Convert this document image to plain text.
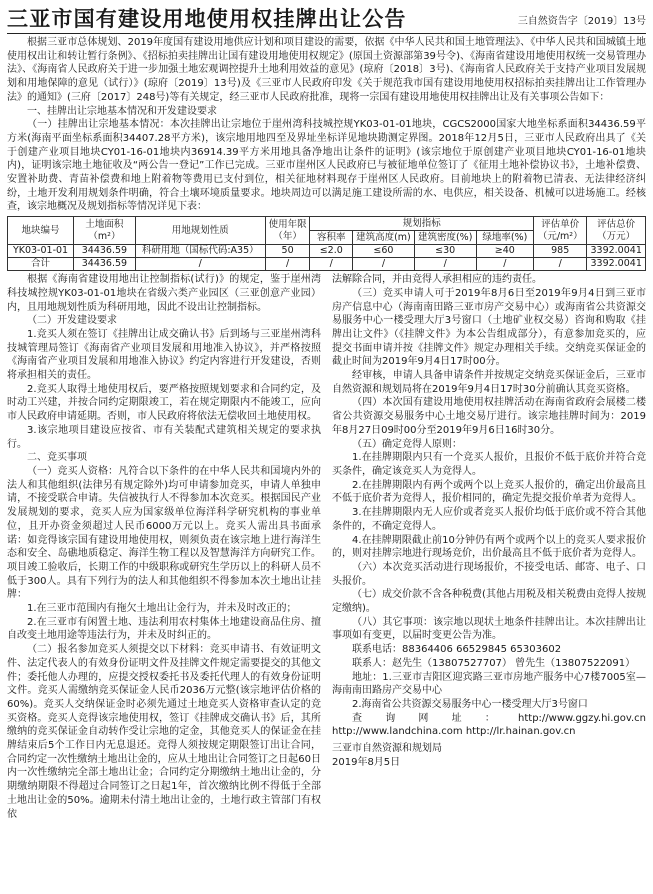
三亚市国有建设用地使用权挂牌出让公告	三自然资告字〔2019〕13号

根据三亚市总体规划、2019年度国有建设用地供应计划和项目建设的需要，依据《中华人民共和国土地管理法》、《中华人民共和国城镇土地使用权出让和转让暂行条例》、《招标拍卖挂牌出让国有建设用地使用权规定》(原国土资源部第39号令)、《海南省建设用地使用权统一交易管理办法》、《海南省人民政府关于进一步加强土地宏观调控提升土地利用效益的意见》(琼府〔2018〕3号)、《海南省人民政府关于支持产业项目发展规划和用地保障的意见（试行）》(琼府〔2019〕13号)及《三亚市人民政府印发《关于规范我市国有建设用地使用权招标拍卖挂牌出让工作管理办法》的通知》(三府〔2017〕248号)等有关规定，经三亚市人民政府批准，现将一宗国有建设用地使用权挂牌出让及有关事项公告如下：

一、挂牌出让宗地基本情况和开发建设要求

（一）挂牌出让宗地基本情况：本次挂牌出让宗地位于崖州湾科技城控规YK03-01-01地块，CGCS2000国家大地坐标系面积34436.59平方米(海南平面坐标系面积34407.28平方米)，该宗地用地四至及界址坐标详见地块勘测定界图。2018年12月5日，三亚市人民政府出具了《关于创建产业项目地块CY01-16-01地块内36914.39平方米用地具备净地出让条件的证明》(该宗地位于原创建产业项目地块CY01-16-01地块内)，证明该宗地土地征收及“两公告一登记”工作已完成。三亚市崖州区人民政府已与被征地单位签订了《征用土地补偿协议书》，土地补偿费、安置补助费、青苗补偿费和地上附着物等费用已支付到位，相关征地材料现存于崖州区人民政府。目前地块上的附着物已清表、无法律经济纠纷，土地开发利用规划条件明确，符合土壤环境质量要求。地块周边可以满足施工建设所需的水、电供应，相关设备、机械可以进场施工。经核查，该宗地概况及规划指标等情况详见下表：

地块编号	土地面积
（m²）	用地规划性质	使用年限
（年）	规划指标				评估单价
（元/m²）	评估总价
（万元）
				容积率	建筑高度(m)	建筑密度(%)	绿地率(%)		
YK03-01-01	34436.59	科研用地（国标代码:A35）	50	≤2.0	≤60	≤30	≥40	985	3392.0041
合计	34436.59	/	/	/	/	/	/	/	3392.0041

根据《海南省建设用地出让控制指标(试行)》的规定，鉴于崖州湾科技城控规YK03-01-01地块在省级六类产业园区（三亚创意产业园）内，且用地规划性质为科研用地，因此不设出让控制指标。

（二）开发建设要求

1.竞买人须在签订《挂牌出让成交确认书》后到场与三亚崖州湾科技城管理局签订《海南省产业项目发展和用地准入协议》，并严格按照《海南省产业项目发展和用地准入协议》约定内容进行开发建设，否则将承担相关的责任。

2.竞买人取得土地使用权后，要严格按照规划要求和合同约定，及时动工兴建，并按合同约定期限竣工，若在规定期限内不能竣工，应向市人民政府申请延期。否则，市人民政府将依法无偿收回土地使用权。

3.该宗地项目建设应按省、市有关装配式建筑相关规定的要求执行。

二、竞买事项

（一）竞买人资格：凡符合以下条件的在中华人民共和国境内外的法人和其他组织(法律另有规定除外)均可申请参加竞买，申请人单独申请，不接受联合申请。失信被执行人不得参加本次竞买。根据国民产业发展规划的要求，竞买人应为国家级单位海洋科学研究机构的事业单位，且开办资金须超过人民币6000万元以上。竞买人需出具书面承诺：如竞得该宗国有建设用地使用权，则须负责在该宗地上进行海洋生态和安全、岛礁地质稳定、海洋生物工程以及智慧海洋方向研究工作。项目竣工验收后，长期工作的中级职称或研究生学历以上的科研人员不低于300人。具有下列行为的法人和其他组织不得参加本次土地出让挂牌：

1.在三亚市范围内有拖欠土地出让金行为，并未及时改正的；

2.在三亚市有闲置土地、违法利用农村集体土地建设商品住房、擅自改变土地用途等违法行为，并未及时纠正的。

（二）报名参加竞买人须提交以下材料：竞买申请书、有效证明文件、法定代表人的有效身份证明文件及挂牌文件规定需要提交的其他文件；委托他人办理的，应提交授权委托书及委托代理人的有效身份证明文件。竞买人需缴纳竞买保证金人民币2036万元整(该宗地评估价格的60%)。竞买人交纳保证金时必须先通过土地竞买人资格审查认定的竞买资格。竞买人竞得该宗地使用权，签订《挂牌成交确认书》后，其所缴纳的竞买保证金自动转作受让宗地的定金，其他竞买人的保证金在挂牌结束后5个工作日内无息退还。竞得人须按规定期限签订出让合同，合同约定一次性缴纳土地出让金的，应从土地出让合同签订之日起60日内一次性缴纳完全部土地出让金；合同约定分期缴纳土地出让金的，分期缴纳期限不得超过合同签订之日起1年，首次缴纳比例不得低于全部土地出让金的50%。逾期未付清土地出让金的，土地行政主管部门有权依

法解除合同，并由竞得人承担相应的违约责任。

（三）竞买申请人可于2019年8月6日至2019年9月4日到三亚市房产信息中心（海南南田路三亚市房产交易中心）或海南省公共资源交易服务中心一楼受理大厅3号窗口（土地矿业权交易）咨询和购取《挂牌出让文件》（《挂牌文件》为本公告组成部分），有意参加竞买的，应提交书面申请并按《挂牌文件》规定办理相关手续。交纳竞买保证金的截止时间为2019年9月4日17时00分。

经审核，申请人具备申请条件并按规定交纳竞买保证金后，三亚市自然资源和规划局将在2019年9月4日17时30分前确认其竞买资格。

（四）本次国有建设用地使用权挂牌活动在海南省政府会展楼二楼省公共资源交易服务中心土地交易厅进行。该宗地挂牌时间为：2019年8月27日09时00分至2019年9月6日16时30分。

（五）确定竞得人原则：

1.在挂牌期限内只有一个竞买人报价，且报价不低于底价并符合竞买条件，确定该竞买人为竞得人。

2.在挂牌期限内有两个或两个以上竞买人报价的，确定出价最高且不低于底价者为竞得人，报价相同的，确定先提交报价单者为竞得人。

3.在挂牌期限内无人应价或者竞买人报价均低于底价或不符合其他条件的，不确定竞得人。

4.在挂牌期限截止前10分钟仍有两个或两个以上的竞买人要求报价的，则对挂牌宗地进行现场竞价，出价最高且不低于底价者为竞得人。

（六）本次竞买活动进行现场报价，不接受电话、邮寄、电子、口头报价。

（七）成交价款不含各种税费(其他占用税及相关税费由竞得人按规定缴纳)。

（八）其它事项：该宗地以现状土地条件挂牌出让。本次挂牌出让事项如有变更，以届时变更公告为准。

联系电话：88364406 66529845 65303602

联系人：赵先生（13807527707） 曾先生（13807522091）

地址：1.三亚市吉阳区迎宾路三亚市房地产服务中心7楼7005室—海南南田路房产交易中心

2.海南省公共资源交易服务中心一楼受理大厅3号窗口

查询网址：http://www.ggzy.hi.gov.cn http://www.landchina.com http://lr.hainan.gov.cn

三亚市自然资源和规划局

2019年8月5日
